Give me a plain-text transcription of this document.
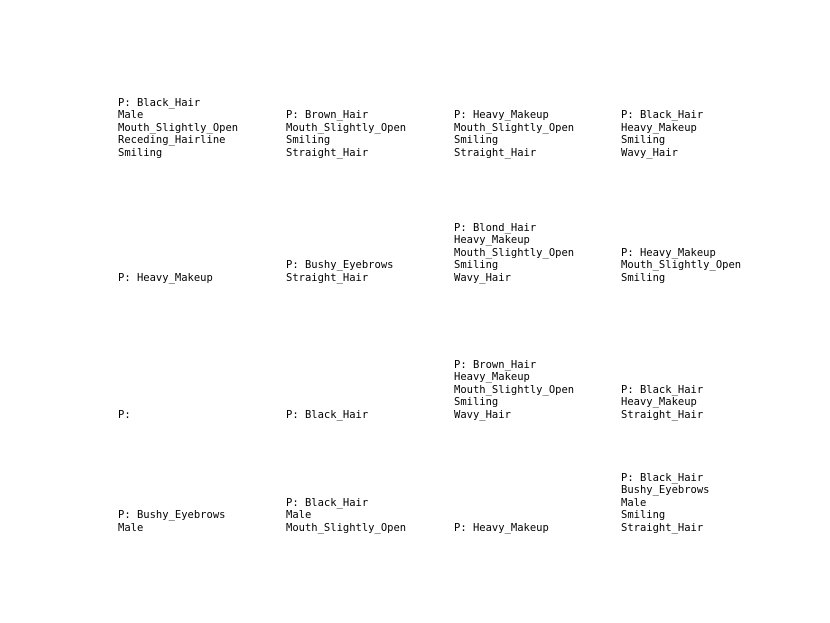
P: Black_Hair
Male
Mouth_Slightly_Open
Receding_Hairline
Smiling
P: Brown_Hair
Mouth_Slightly_Open
Smiling
Straight_Hair
P: Heavy_Makeup
Mouth_Slightly_Open
Smiling
Straight_Hair
P: Black_Hair
Heavy_Makeup
Smiling
Wavy_Hair
P: Heavy_Makeup
P: Bushy_Eyebrows
Straight_Hair
P: Blond_Hair
Heavy_Makeup
Mouth_Slightly_Open
Smiling
Wavy_Hair
P: Heavy_Makeup
Mouth_Slightly_Open
Smiling
P:	P: Black_Hair
P: Brown_Hair
Heavy_Makeup
Mouth_Slightly_Open
Smiling
Wavy_Hair
P: Black_Hair
Heavy_Makeup
Straight_Hair
P: Bushy_Eyebrows
Male
P: Black_Hair
Male
Mouth_Slightly_Open	P: Heavy_Makeup
P: Black_Hair
Bushy_Eyebrows
Male
Smiling
Straight_Hair
